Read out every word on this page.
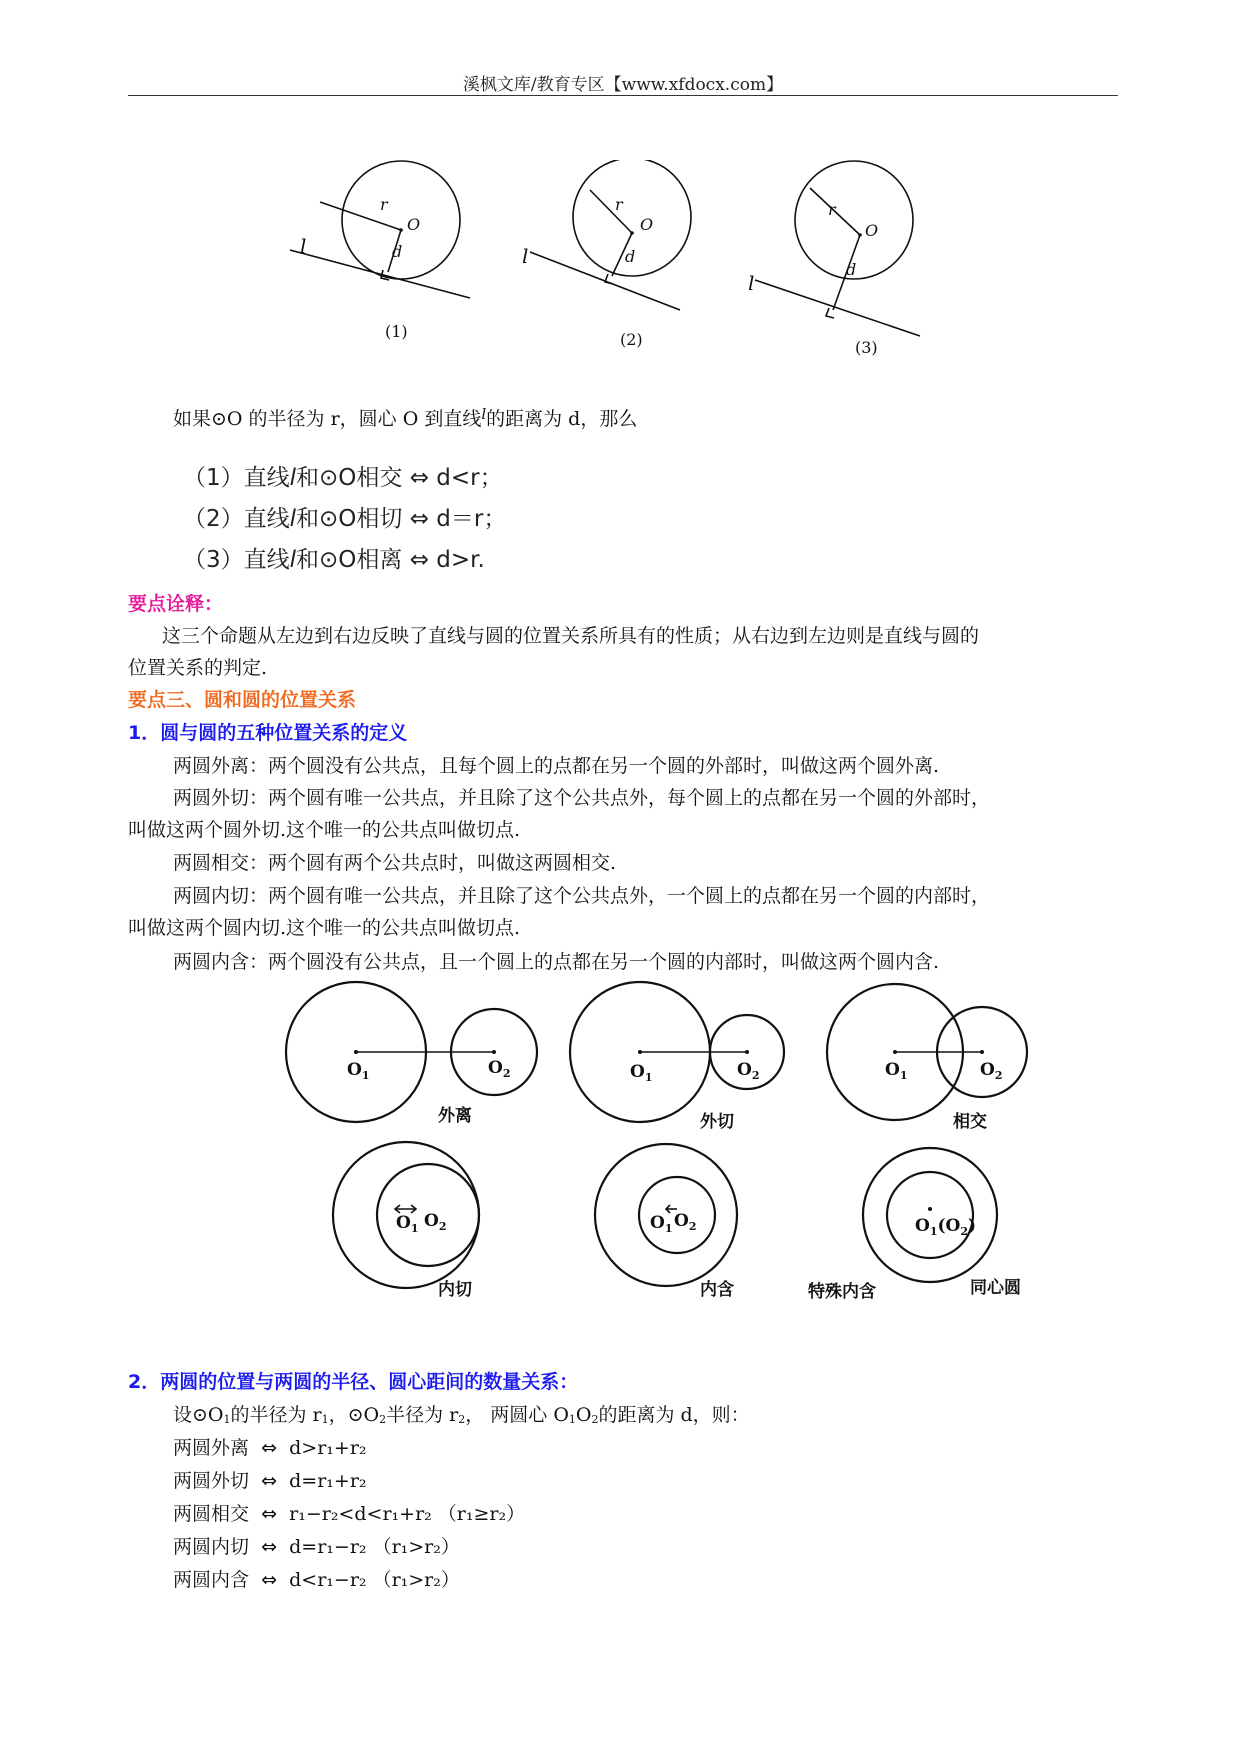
溪枫文库/教育专区【www.xfdocx.com】
r
O
d
l
r
O
d
l
r
O
d
l
(1)	(2)	(3)
如果⊙O 的半径为 r，圆心 O 到直线$^l$的距离为 d，那么
（1）直线l和⊙O相交 ⇔ d<r；
（2）直线l和⊙O相切 ⇔ d＝r；
（3）直线l和⊙O相离 ⇔ d>r.
要点诠释：
这三个命题从左边到右边反映了直线与圆的位置关系所具有的性质；从右边到左边则是直线与圆的
位置关系的判定.
要点三、圆和圆的位置关系
1．圆与圆的五种位置关系的定义
两圆外离：两个圆没有公共点，且每个圆上的点都在另一个圆的外部时，叫做这两个圆外离.
两圆外切：两个圆有唯一公共点，并且除了这个公共点外，每个圆上的点都在另一个圆的外部时，
叫做这两个圆外切.这个唯一的公共点叫做切点.
两圆相交：两个圆有两个公共点时，叫做这两圆相交.
两圆内切：两个圆有唯一公共点，并且除了这个公共点外，一个圆上的点都在另一个圆的内部时，
叫做这两个圆内切.这个唯一的公共点叫做切点.
两圆内含：两个圆没有公共点，且一个圆上的点都在另一个圆的内部时，叫做这两个圆内含.
$O_1$	$O_2$	$O_1$	$O_2$	$O_1$	$O_2$
$O_1$ $O_2$	$O_1$ $O_2$	$O_1(O_2)$
外离	外切	相交
内切	内含	特殊内含	同心圆
2．两圆的位置与两圆的半径、圆心距间的数量关系：
设$⊙O_1$的半径为 $r_1$，$⊙O_2$半径为 $r_2$， 两圆心 $O_1O_2$的距离为 d，则：
两圆外离 ⇔ d>r₁+r₂
两圆外切 ⇔ d=r₁+r₂
两圆相交 ⇔ r₁−r₂<d<r₁+r₂ （r₁≥r₂）
两圆内切 ⇔ d=r₁−r₂ （r₁>r₂）
两圆内含 ⇔ d<r₁−r₂ （r₁>r₂）
